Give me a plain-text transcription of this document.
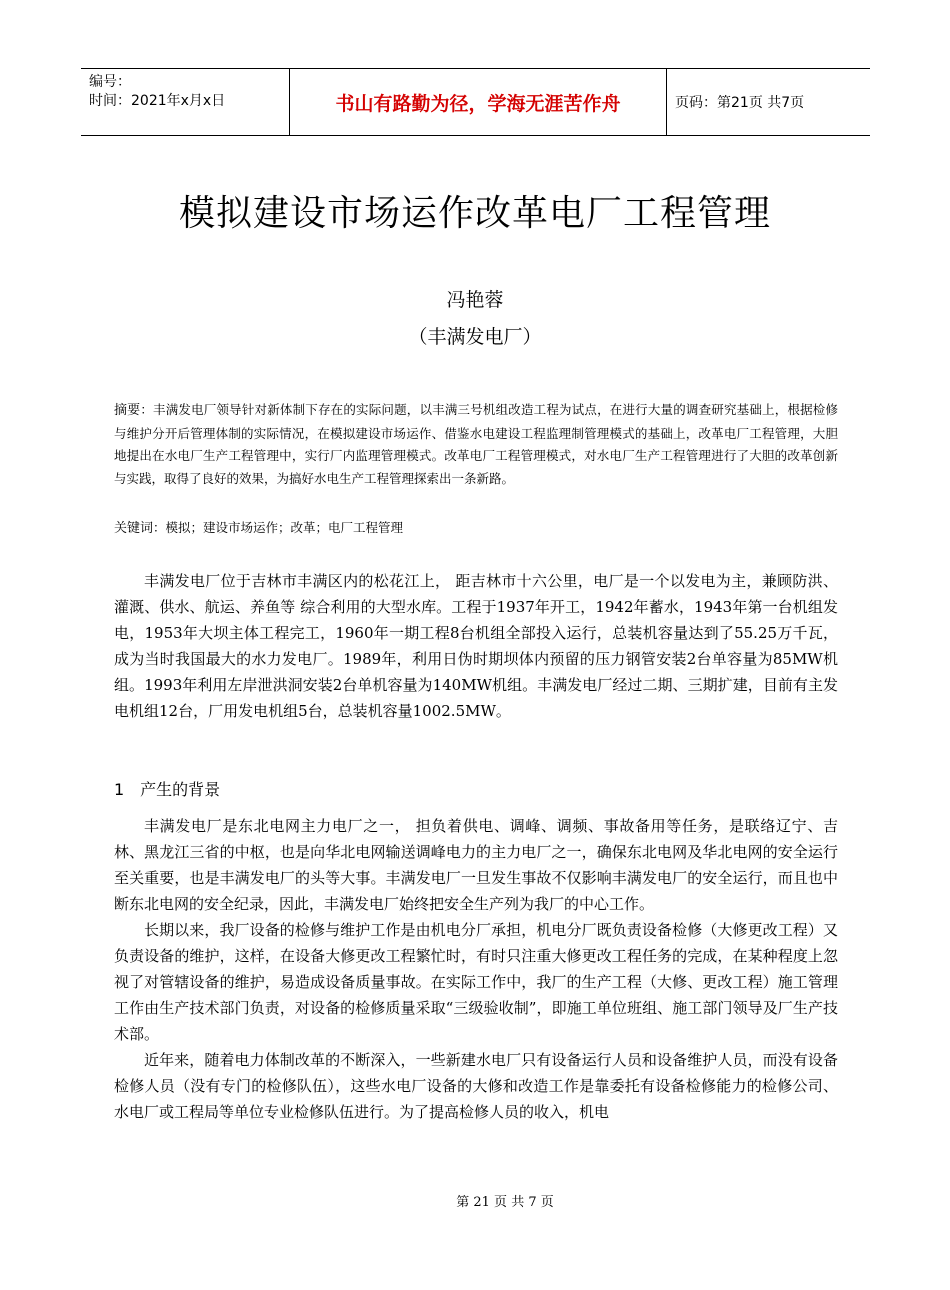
编号：
时间：2021年x月x日	书山有路勤为径，学海无涯苦作舟	页码：第21页 共7页
模拟建设市场运作改革电厂工程管理
冯艳蓉
（丰满发电厂）
摘要：丰满发电厂领导针对新体制下存在的实际问题，以丰满三号机组改造工程为试点，在进行大量的调查研究基础上，根据检修与维护分开后管理体制的实际情况，在模拟建设市场运作、借鉴水电建设工程监理制管理模式的基础上，改革电厂工程管理，大胆地提出在水电厂生产工程管理中，实行厂内监理管理模式。改革电厂工程管理模式，对水电厂生产工程管理进行了大胆的改革创新与实践，取得了良好的效果，为搞好水电生产工程管理探索出一条新路。
关键词：模拟；建设市场运作；改革；电厂工程管理

丰满发电厂位于吉林市丰满区内的松花江上， 距吉林市十六公里，电厂是一个以发电为主，兼顾防洪、灌溉、供水、航运、养鱼等 综合利用的大型水库。工程于1937年开工，1942年蓄水，1943年第一台机组发电，1953年大坝主体工程完工，1960年一期工程8台机组全部投入运行，总装机容量达到了55.25万千瓦，成为当时我国最大的水力发电厂。1989年，利用日伪时期坝体内预留的压力钢管安装2台单容量为85MW机组。1993年利用左岸泄洪洞安装2台单机容量为140MW机组。丰满发电厂经过二期、三期扩建，目前有主发电机组12台，厂用发电机组5台，总装机容量1002.5MW。

1　产生的背景

丰满发电厂是东北电网主力电厂之一， 担负着供电、调峰、调频、事故备用等任务，是联络辽宁、吉林、黑龙江三省的中枢，也是向华北电网输送调峰电力的主力电厂之一，确保东北电网及华北电网的安全运行至关重要，也是丰满发电厂的头等大事。丰满发电厂一旦发生事故不仅影响丰满发电厂的安全运行，而且也中断东北电网的安全纪录，因此，丰满发电厂始终把安全生产列为我厂的中心工作。

长期以来，我厂设备的检修与维护工作是由机电分厂承担，机电分厂既负责设备检修（大修更改工程）又负责设备的维护，这样，在设备大修更改工程繁忙时，有时只注重大修更改工程任务的完成，在某种程度上忽视了对管辖设备的维护，易造成设备质量事故。在实际工作中，我厂的生产工程（大修、更改工程）施工管理工作由生产技术部门负责，对设备的检修质量采取“三级验收制”，即施工单位班组、施工部门领导及厂生产技术部。

近年来，随着电力体制改革的不断深入，一些新建水电厂只有设备运行人员和设备维护人员，而没有设备检修人员（没有专门的检修队伍），这些水电厂设备的大修和改造工作是靠委托有设备检修能力的检修公司、水电厂或工程局等单位专业检修队伍进行。为了提高检修人员的收入，机电

第 21 页 共 7 页
